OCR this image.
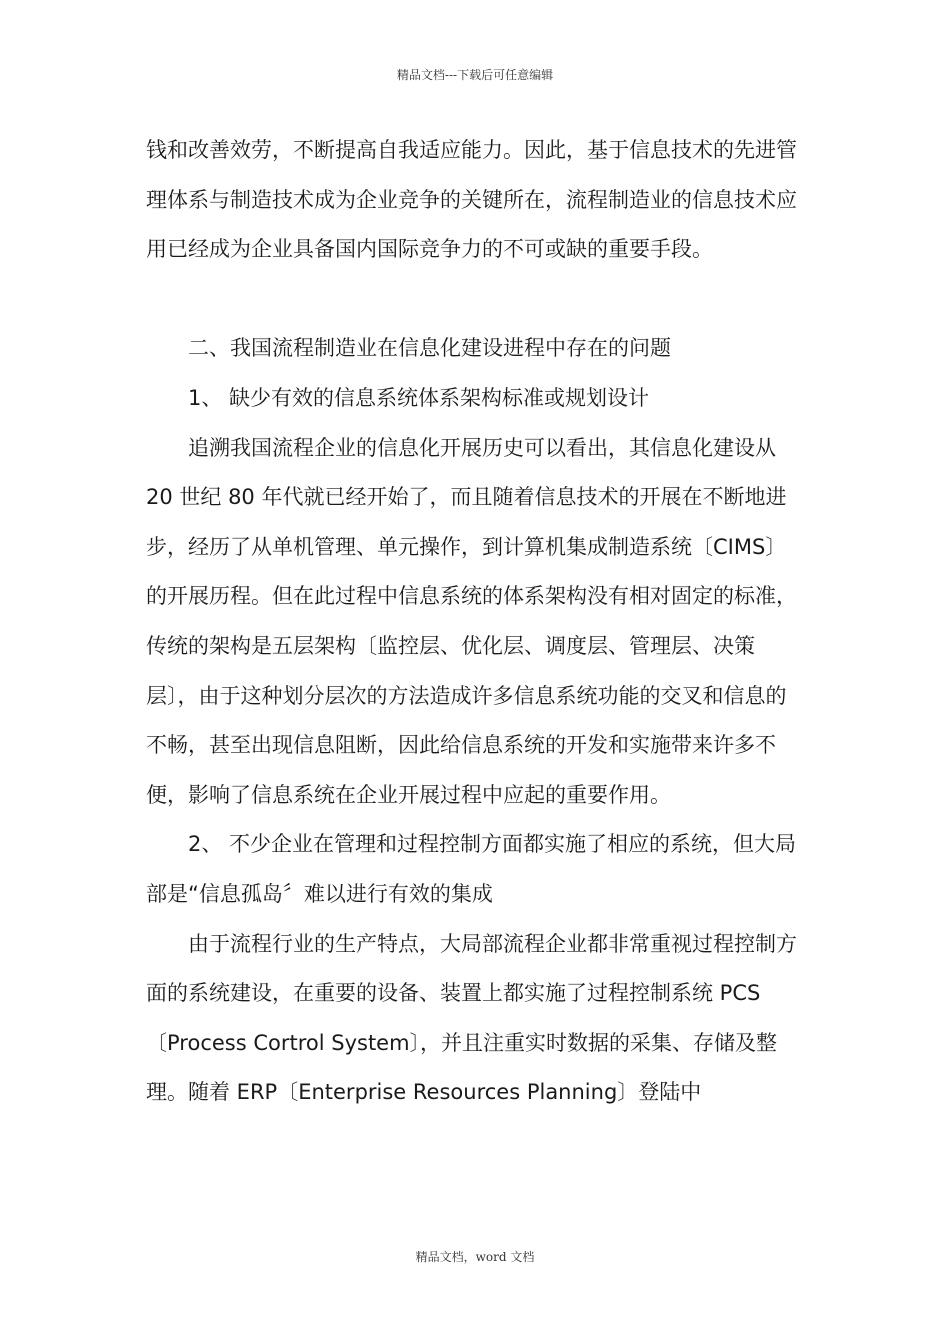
精品文档---下载后可任意编辑

钱和改善效劳，不断提高自我适应能力。因此，基于信息技术的先进管理体系与制造技术成为企业竞争的关键所在，流程制造业的信息技术应用已经成为企业具备国内国际竞争力的不可或缺的重要手段。

二、我国流程制造业在信息化建设进程中存在的问题

1、 缺少有效的信息系统体系架构标准或规划设计

追溯我国流程企业的信息化开展历史可以看出，其信息化建设从 20 世纪 80 年代就已经开始了，而且随着信息技术的开展在不断地进步，经历了从单机管理、单元操作，到计算机集成制造系统〔CIMS〕的开展历程。但在此过程中信息系统的体系架构没有相对固定的标准，传统的架构是五层架构〔监控层、优化层、调度层、管理层、决策层〕，由于这种划分层次的方法造成许多信息系统功能的交叉和信息的不畅，甚至出现信息阻断，因此给信息系统的开发和实施带来许多不便，影响了信息系统在企业开展过程中应起的重要作用。

2、 不少企业在管理和过程控制方面都实施了相应的系统，但大局部是“信息孤岛〞难以进行有效的集成

由于流程行业的生产特点，大局部流程企业都非常重视过程控制方面的系统建设，在重要的设备、装置上都实施了过程控制系统 PCS〔Process Cortrol System〕，并且注重实时数据的采集、存储及整理。随着 ERP〔Enterprise Resources Planning〕登陆中

精品文档，word 文档
